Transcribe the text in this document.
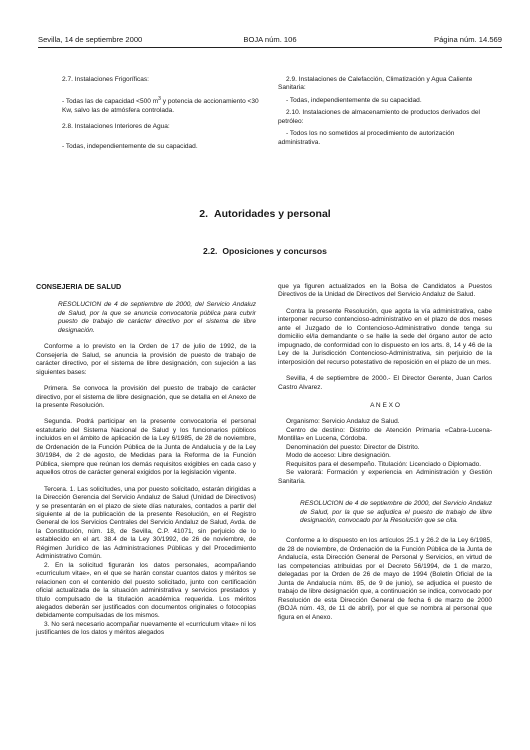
Sevilla, 14 de septiembre 2000	BOJA núm. 106	Página núm. 14.569

2.7. Instalaciones Frigoríficas:

- Todas las de capacidad <500 $m^3$ y potencia de accionamiento <30 Kw, salvo las de atmósfera controlada.

2.8. Instalaciones Interiores de Agua:

- Todas, independientemente de su capacidad.

2.9. Instalaciones de Calefacción, Climatización y Agua Caliente Sanitaria:

- Todas, independientemente de su capacidad.

2.10. Instalaciones de almacenamiento de productos derivados del petróleo:

- Todos los no sometidos al procedimiento de autorización administrativa.

2. Autoridades y personal
2.2. Oposiciones y concursos

CONSEJERIA DE SALUD

RESOLUCION de 4 de septiembre de 2000, del Servicio Andaluz de Salud, por la que se anuncia convocatoria pública para cubrir puesto de trabajo de carácter directivo por el sistema de libre designación.

Conforme a lo previsto en la Orden de 17 de julio de 1992, de la Consejería de Salud, se anuncia la provisión de puesto de trabajo de carácter directivo, por el sistema de libre designación, con sujeción a las siguientes bases:

Primera. Se convoca la provisión del puesto de trabajo de carácter directivo, por el sistema de libre designación, que se detalla en el Anexo de la presente Resolución.

Segunda. Podrá participar en la presente convocatoria el personal estatutario del Sistema Nacional de Salud y los funcionarios públicos incluidos en el ámbito de aplicación de la Ley 6/1985, de 28 de noviembre, de Ordenación de la Función Pública de la Junta de Andalucía y de la Ley 30/1984, de 2 de agosto, de Medidas para la Reforma de la Función Pública, siempre que reúnan los demás requisitos exigibles en cada caso y aquellos otros de carácter general exigidos por la legislación vigente.

Tercera. 1. Las solicitudes, una por puesto solicitado, estarán dirigidas a la Dirección Gerencia del Servicio Andaluz de Salud (Unidad de Directivos) y se presentarán en el plazo de siete días naturales, contados a partir del siguiente al de la publicación de la presente Resolución, en el Registro General de los Servicios Centrales del Servicio Andaluz de Salud, Avda. de la Constitución, núm. 18, de Sevilla, C.P. 41071, sin perjuicio de lo establecido en el art. 38.4 de la Ley 30/1992, de 26 de noviembre, de Régimen Jurídico de las Administraciones Públicas y del Procedimiento Administrativo Común.

2. En la solicitud figurarán los datos personales, acompañando «curriculum vitae», en el que se harán constar cuantos datos y méritos se relacionen con el contenido del puesto solicitado, junto con certificación oficial actualizada de la situación administrativa y servicios prestados y título compulsado de la titulación académica requerida. Los méritos alegados deberán ser justificados con documentos originales o fotocopias debidamente compulsadas de los mismos.

3. No será necesario acompañar nuevamente el «curriculum vitae» ni los justificantes de los datos y méritos alegados

que ya figuren actualizados en la Bolsa de Candidatos a Puestos Directivos de la Unidad de Directivos del Servicio Andaluz de Salud.

Contra la presente Resolución, que agota la vía administrativa, cabe interponer recurso contencioso-administrativo en el plazo de dos meses ante el Juzgado de lo Contencioso-Administrativo donde tenga su domicilio el/la demandante o se halle la sede del órgano autor de acto impugnado, de conformidad con lo dispuesto en los arts. 8, 14 y 46 de la Ley de la Jurisdicción Contencioso-Administrativa, sin perjuicio de la interposición del recurso potestativo de reposición en el plazo de un mes.

Sevilla, 4 de septiembre de 2000.- El Director Gerente, Juan Carlos Castro Alvarez.

A N E X O

Organismo: Servicio Andaluz de Salud.

Centro de destino: Distrito de Atención Primaria «Cabra-Lucena-Montilla» en Lucena, Córdoba.

Denominación del puesto: Director de Distrito.

Modo de acceso: Libre designación.

Requisitos para el desempeño. Titulación: Licenciado o Diplomado.

Se valorará: Formación y experiencia en Administración y Gestión Sanitaria.

RESOLUCION de 4 de septiembre de 2000, del Servicio Andaluz de Salud, por la que se adjudica el puesto de trabajo de libre designación, convocado por la Resolución que se cita.

Conforme a lo dispuesto en los artículos 25.1 y 26.2 de la Ley 6/1985, de 28 de noviembre, de Ordenación de la Función Pública de la Junta de Andalucía, esta Dirección General de Personal y Servicios, en virtud de las competencias atribuidas por el Decreto 56/1994, de 1 de marzo, delegadas por la Orden de 26 de mayo de 1994 (Boletín Oficial de la Junta de Andalucía núm. 85, de 9 de junio), se adjudica el puesto de trabajo de libre designación que, a continuación se indica, convocado por Resolución de esta Dirección General de fecha 6 de marzo de 2000 (BOJA núm. 43, de 11 de abril), por el que se nombra al personal que figura en el Anexo.
